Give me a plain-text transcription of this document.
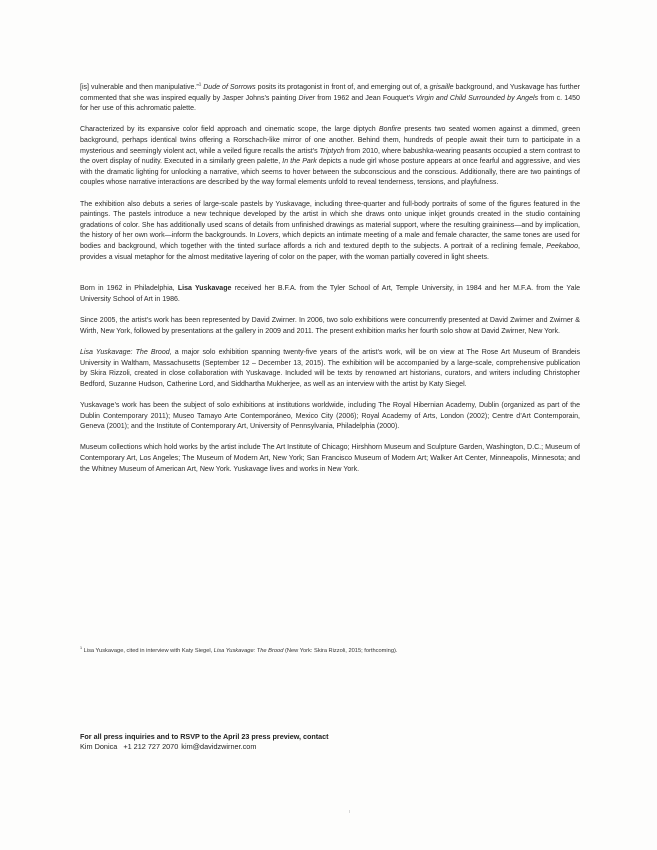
[is] vulnerable and then manipulative.”$^1$ Dude of Sorrows posits its protagonist in front of, and emerging out of, a grisaille background, and Yuskavage has further commented that she was inspired equally by Jasper Johns’s painting Diver from 1962 and Jean Fouquet’s Virgin and Child Surrounded by Angels from c. 1450 for her use of this achromatic palette.

Characterized by its expansive color field approach and cinematic scope, the large diptych Bonfire presents two seated women against a dimmed, green background, perhaps identical twins offering a Rorschach-like mirror of one another. Behind them, hundreds of people await their turn to participate in a mysterious and seemingly violent act, while a veiled figure recalls the artist’s Triptych from 2010, where babushka-wearing peasants occupied a stern contrast to the overt display of nudity. Executed in a similarly green palette, In the Park depicts a nude girl whose posture appears at once fearful and aggressive, and vies with the dramatic lighting for unlocking a narrative, which seems to hover between the subconscious and the conscious. Additionally, there are two paintings of couples whose narrative interactions are described by the way formal elements unfold to reveal tenderness, tensions, and playfulness.

The exhibition also debuts a series of large-scale pastels by Yuskavage, including three-quarter and full-body portraits of some of the figures featured in the paintings. The pastels introduce a new technique developed by the artist in which she draws onto unique inkjet grounds created in the studio containing gradations of color. She has additionally used scans of details from unfinished drawings as material support, where the resulting graininess—and by implication, the history of her own work—inform the backgrounds. In Lovers, which depicts an intimate meeting of a male and female character, the same tones are used for bodies and background, which together with the tinted surface affords a rich and textured depth to the subjects. A portrait of a reclining female, Peekaboo, provides a visual metaphor for the almost meditative layering of color on the paper, with the woman partially covered in light sheets.

Born in 1962 in Philadelphia, Lisa Yuskavage received her B.F.A. from the Tyler School of Art, Temple University, in 1984 and her M.F.A. from the Yale University School of Art in 1986.

Since 2005, the artist’s work has been represented by David Zwirner. In 2006, two solo exhibitions were concurrently presented at David Zwirner and Zwirner & Wirth, New York, followed by presentations at the gallery in 2009 and 2011. The present exhibition marks her fourth solo show at David Zwirner, New York.

Lisa Yuskavage: The Brood, a major solo exhibition spanning twenty-five years of the artist’s work, will be on view at The Rose Art Museum of Brandeis University in Waltham, Massachusetts (September 12 – December 13, 2015). The exhibition will be accompanied by a large-scale, comprehensive publication by Skira Rizzoli, created in close collaboration with Yuskavage. Included will be texts by renowned art historians, curators, and writers including Christopher Bedford, Suzanne Hudson, Catherine Lord, and Siddhartha Mukherjee, as well as an interview with the artist by Katy Siegel.

Yuskavage’s work has been the subject of solo exhibitions at institutions worldwide, including The Royal Hibernian Academy, Dublin (organized as part of the Dublin Contemporary 2011); Museo Tamayo Arte Contemporáneo, Mexico City (2006); Royal Academy of Arts, London (2002); Centre d’Art Contemporain, Geneva (2001); and the Institute of Contemporary Art, University of Pennsylvania, Philadelphia (2000).

Museum collections which hold works by the artist include The Art Institute of Chicago; Hirshhorn Museum and Sculpture Garden, Washington, D.C.; Museum of Contemporary Art, Los Angeles; The Museum of Modern Art, New York; San Francisco Museum of Modern Art; Walker Art Center, Minneapolis, Minnesota; and the Whitney Museum of American Art, New York. Yuskavage lives and works in New York.

$^1$ Lisa Yuskavage, cited in interview with Katy Siegel, Lisa Yuskavage: The Brood (New York: Skira Rizzoli, 2015; forthcoming).
For all press inquiries and to RSVP to the April 23 press preview, contact
Kim Donica +1 212 727 2070 kim@davidzwirner.com
